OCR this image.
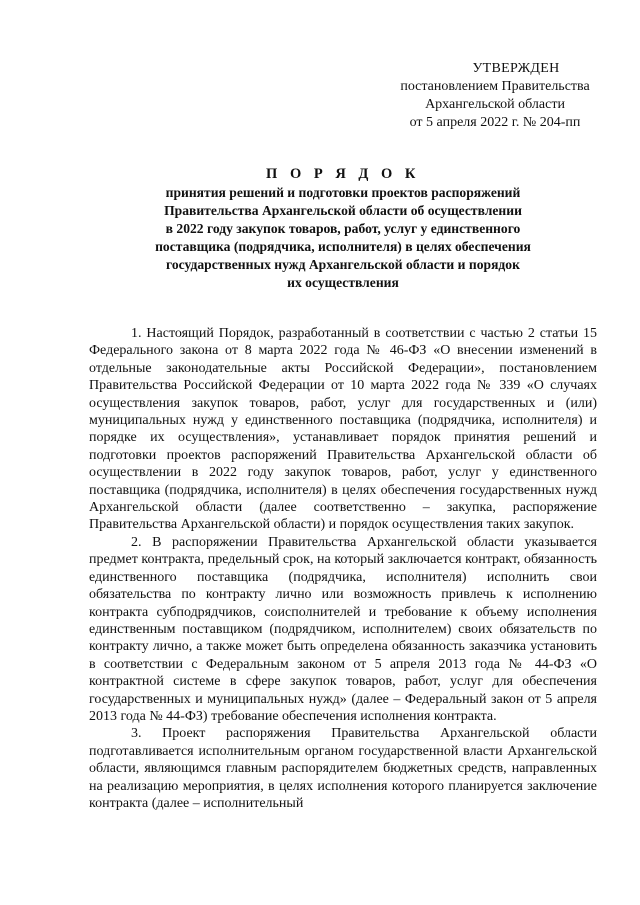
УТВЕРЖДЕН
постановлением Правительства
Архангельской области
от 5 апреля 2022 г. № 204-пп
П О Р Я Д О К
принятия решений и подготовки проектов распоряжений
Правительства Архангельской области об осуществлении
в 2022 году закупок товаров, работ, услуг у единственного
поставщика (подрядчика, исполнителя) в целях обеспечения
государственных нужд Архангельской области и порядок
их осуществления

1. Настоящий Порядок, разработанный в соответствии с частью 2 статьи 15 Федерального закона от 8 марта 2022 года № 46-ФЗ «О внесении изменений в отдельные законодательные акты Российской Федерации», постановлением Правительства Российской Федерации от 10 марта 2022 года № 339 «О случаях осуществления закупок товаров, работ, услуг для государственных и (или) муниципальных нужд у единственного поставщика (подрядчика, исполнителя) и порядке их осуществления», устанавливает порядок принятия решений и подготовки проектов распоряжений Правительства Архангельской области об осуществлении в 2022 году закупок товаров, работ, услуг у единственного поставщика (подрядчика, исполнителя) в целях обеспечения государственных нужд Архангельской области (далее соответственно – закупка, распоряжение Правительства Архангельской области) и порядок осуществления таких закупок.

2. В распоряжении Правительства Архангельской области указывается предмет контракта, предельный срок, на который заключается контракт, обязанность единственного поставщика (подрядчика, исполнителя) исполнить свои обязательства по контракту лично или возможность привлечь к исполнению контракта субподрядчиков, соисполнителей и требование к объему исполнения единственным поставщиком (подрядчиком, исполнителем) своих обязательств по контракту лично, а также может быть определена обязанность заказчика установить в соответствии с Федеральным законом от 5 апреля 2013 года № 44-ФЗ «О контрактной системе в сфере закупок товаров, работ, услуг для обеспечения государственных и муниципальных нужд» (далее – Федеральный закон от 5 апреля 2013 года № 44-ФЗ) требование обеспечения исполнения контракта.

3. Проект распоряжения Правительства Архангельской области подготавливается исполнительным органом государственной власти Архангельской области, являющимся главным распорядителем бюджетных средств, направленных на реализацию мероприятия, в целях исполнения которого планируется заключение контракта (далее – исполнительный
